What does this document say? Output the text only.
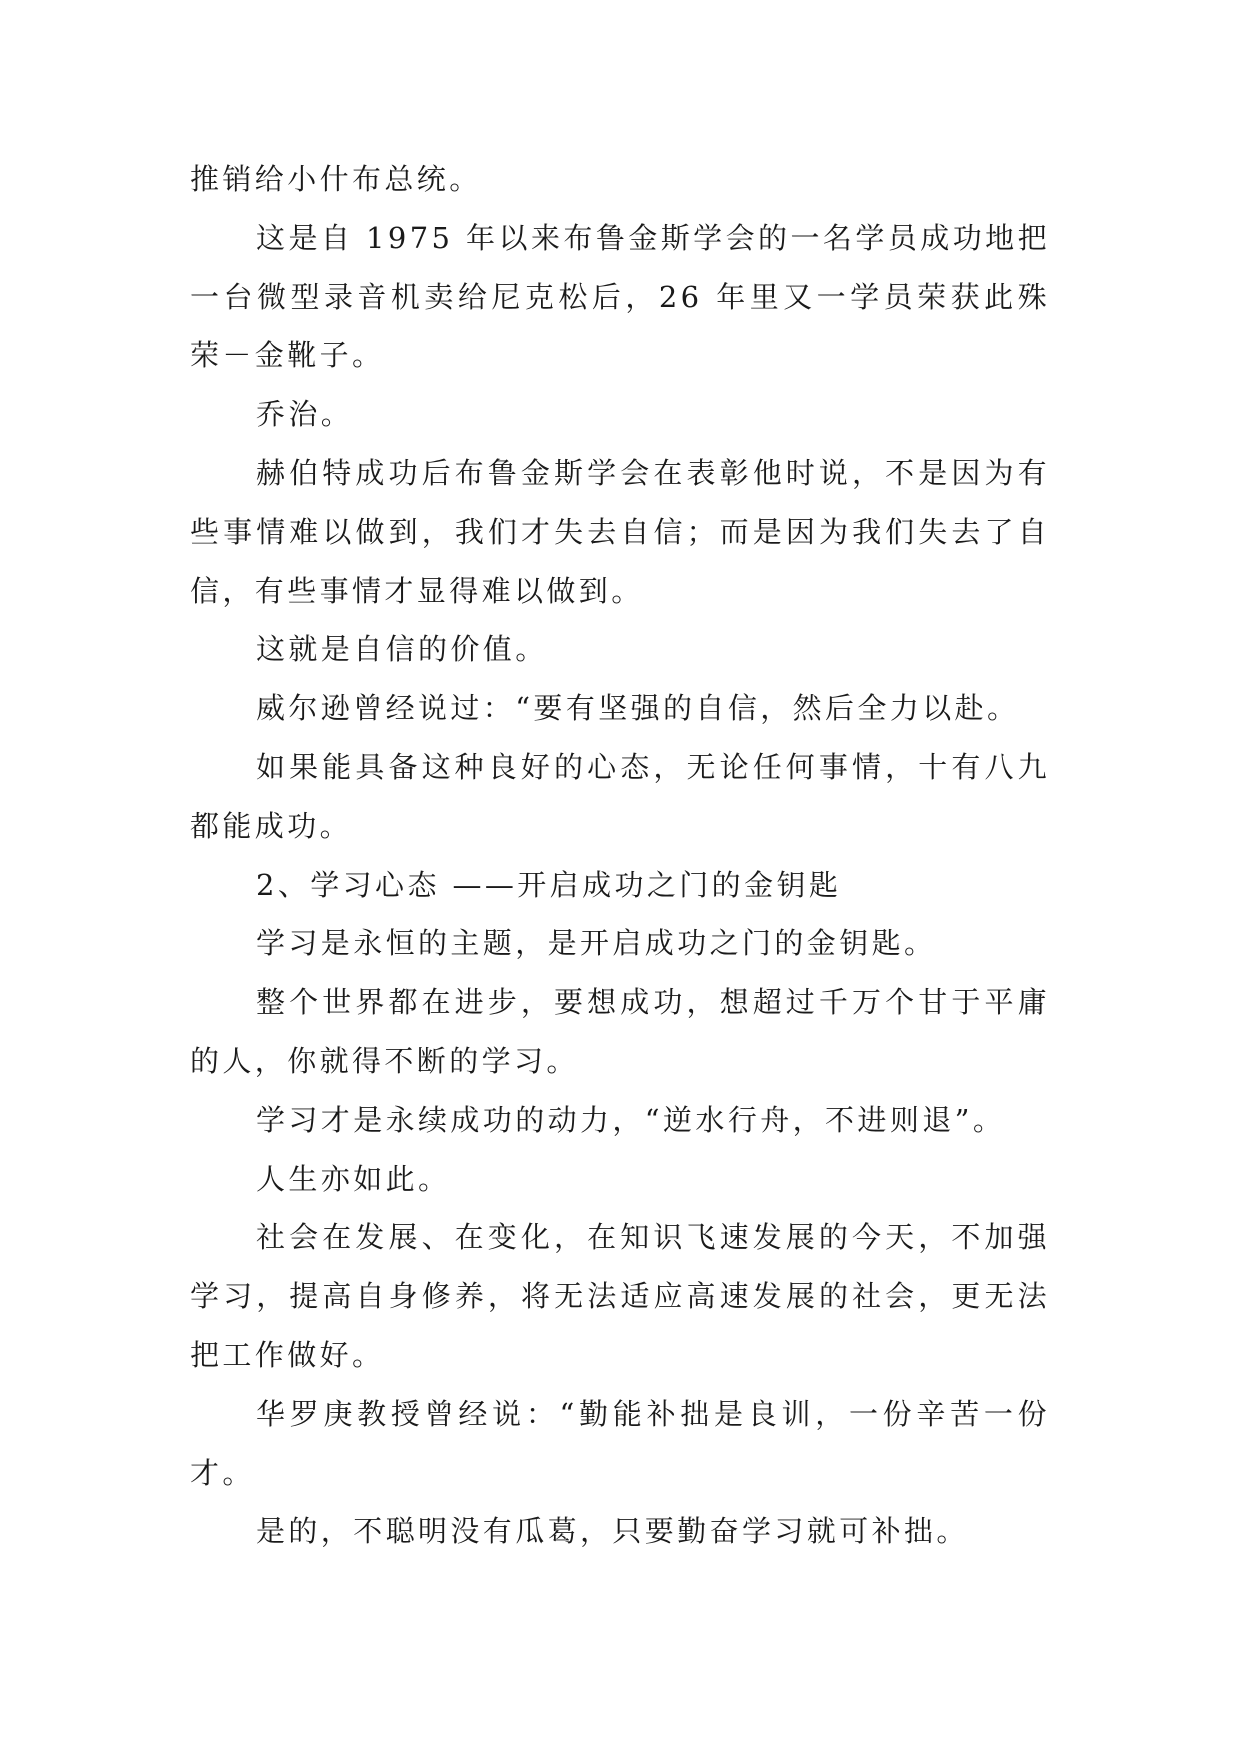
推销给小什布总统。

这是自 1975 年以来布鲁金斯学会的一名学员成功地把一台微型录音机卖给尼克松后，26 年里又一学员荣获此殊荣－金靴子。

乔治。

赫伯特成功后布鲁金斯学会在表彰他时说，不是因为有些事情难以做到，我们才失去自信；而是因为我们失去了自信，有些事情才显得难以做到。

这就是自信的价值。

威尔逊曾经说过：“要有坚强的自信，然后全力以赴。

如果能具备这种良好的心态，无论任何事情，十有八九都能成功。

2、学习心态 ——开启成功之门的金钥匙

学习是永恒的主题，是开启成功之门的金钥匙。

整个世界都在进步，要想成功，想超过千万个甘于平庸的人，你就得不断的学习。

学习才是永续成功的动力，“逆水行舟，不进则退”。

人生亦如此。

社会在发展、在变化，在知识飞速发展的今天，不加强学习，提高自身修养，将无法适应高速发展的社会，更无法把工作做好。

华罗庚教授曾经说：“勤能补拙是良训，一份辛苦一份才。

是的，不聪明没有瓜葛，只要勤奋学习就可补拙。
